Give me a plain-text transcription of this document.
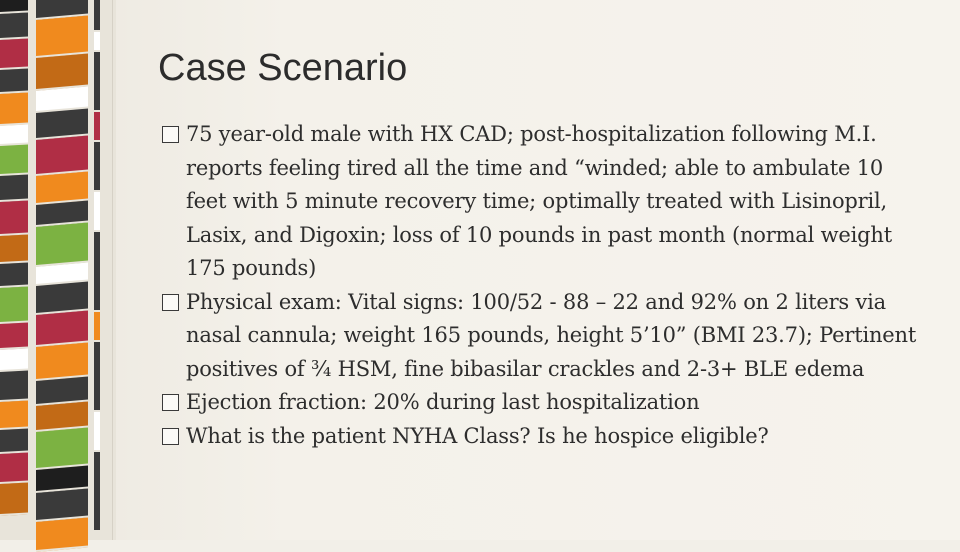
Case Scenario
75 year-old male with HX CAD; post-hospitalization following M.I. reports feeling tired all the time and “winded; able to ambulate 10 feet with 5 minute recovery time; optimally treated with Lisinopril, Lasix, and Digoxin; loss of 10 pounds in past month (normal weight 175 pounds)
Physical exam: Vital signs: 100/52 - 88 – 22 and 92% on 2 liters via nasal cannula; weight 165 pounds, height 5’10” (BMI 23.7); Pertinent positives of ¾ HSM, fine bibasilar crackles and 2-3+ BLE edema
Ejection fraction: 20% during last hospitalization
What is the patient NYHA Class? Is he hospice eligible?
